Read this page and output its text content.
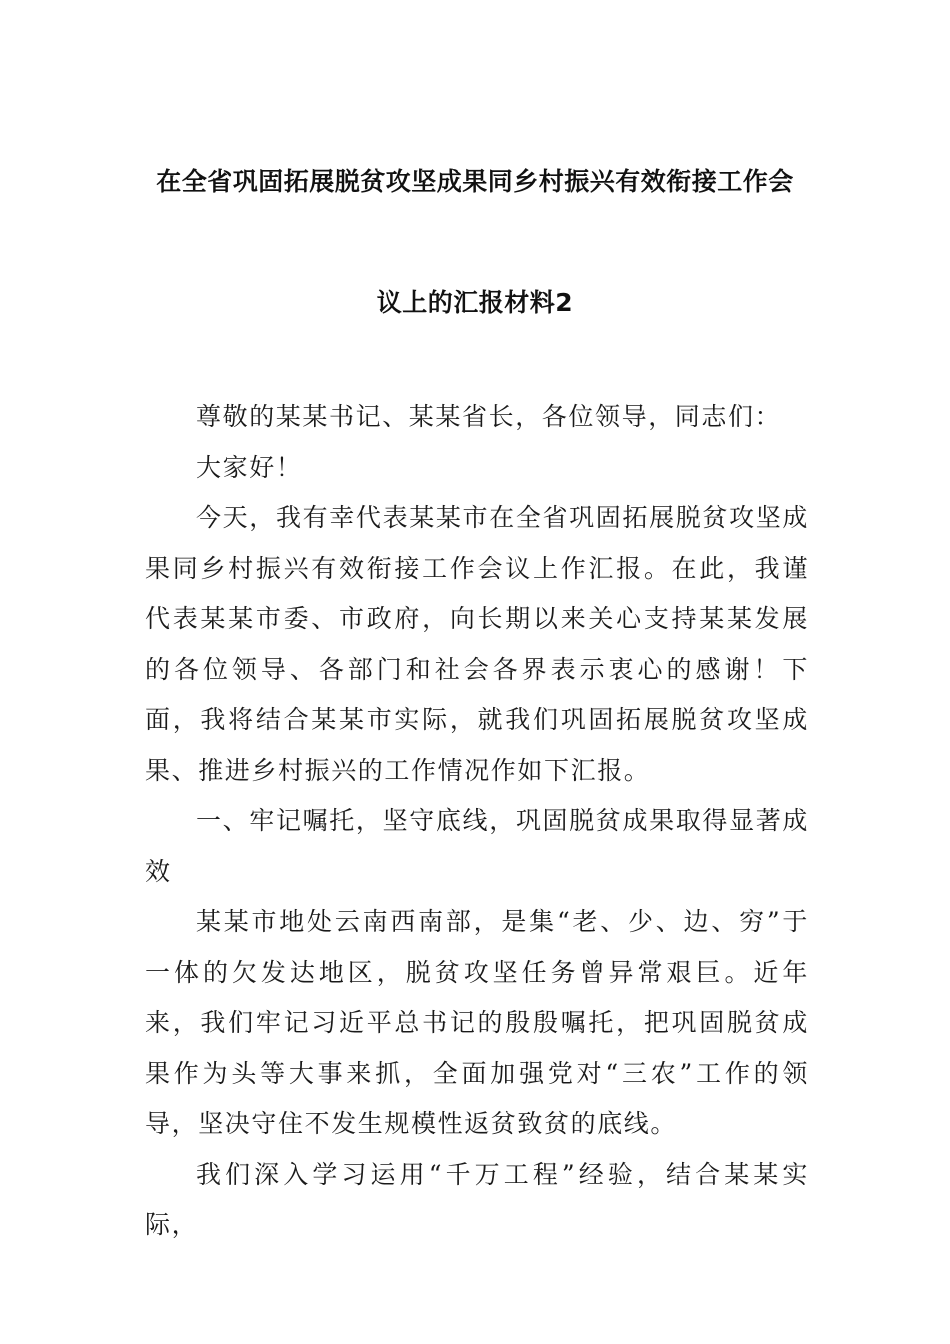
在全省巩固拓展脱贫攻坚成果同乡村振兴有效衔接工作会
议上的汇报材料2

尊敬的某某书记、某某省长，各位领导，同志们：

大家好！

今天，我有幸代表某某市在全省巩固拓展脱贫攻坚成果同乡村振兴有效衔接工作会议上作汇报。在此，我谨代表某某市委、市政府，向长期以来关心支持某某发展的各位领导、各部门和社会各界表示衷心的感谢！下面，我将结合某某市实际，就我们巩固拓展脱贫攻坚成果、推进乡村振兴的工作情况作如下汇报。

一、牢记嘱托，坚守底线，巩固脱贫成果取得显著成效

某某市地处云南西南部，是集“老、少、边、穷”于一体的欠发达地区，脱贫攻坚任务曾异常艰巨。近年来，我们牢记习近平总书记的殷殷嘱托，把巩固脱贫成果作为头等大事来抓，全面加强党对“三农”工作的领导，坚决守住不发生规模性返贫致贫的底线。

我们深入学习运用“千万工程”经验，结合某某实际，
